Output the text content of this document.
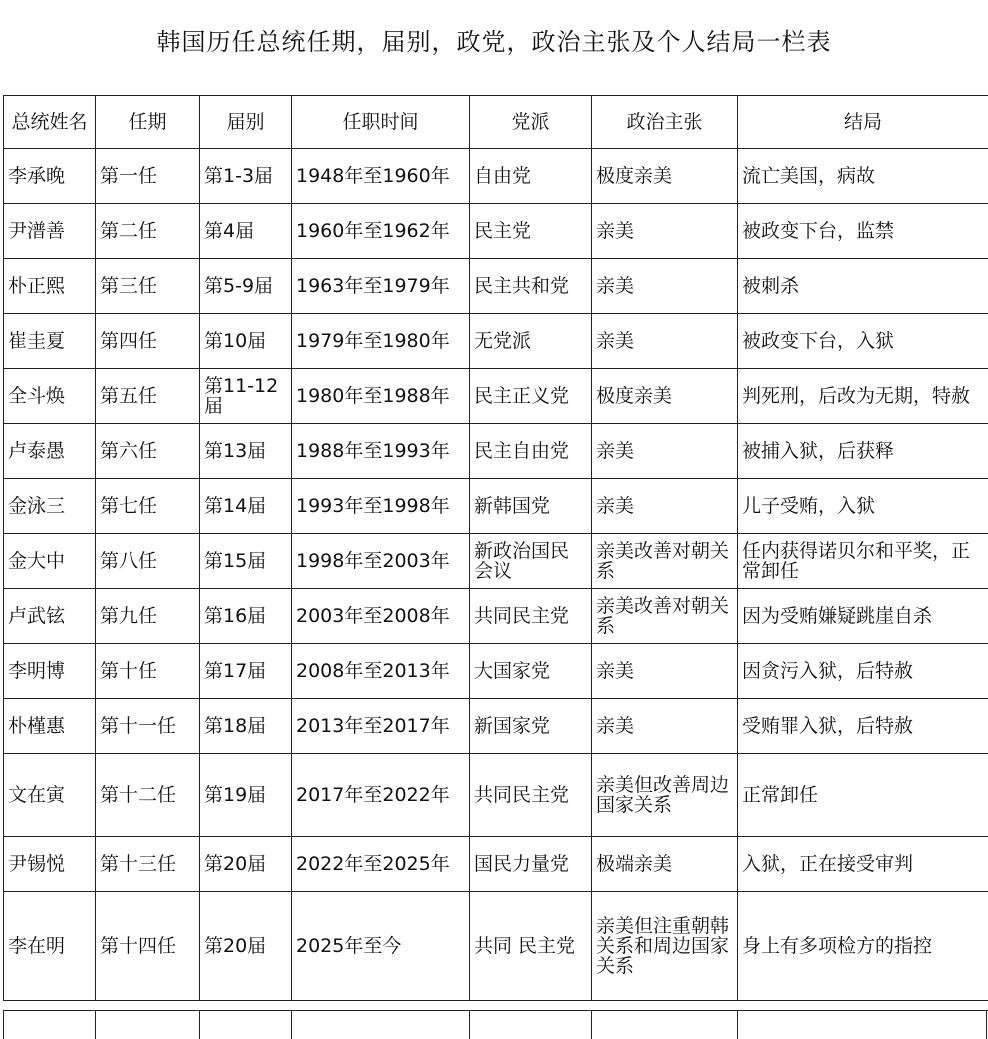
韩国历任总统任期，届别，政党，政治主张及个人结局一栏表
总统姓名	任期	届别	任职时间	党派	政治主张	结局
李承晚	第一任	第1-3届	1948年至1960年	自由党	极度亲美	流亡美国，病故
尹潽善	第二任	第4届	1960年至1962年	民主党	亲美	被政变下台，监禁
朴正熙	第三任	第5-9届	1963年至1979年	民主共和党	亲美	被刺杀
崔圭夏	第四任	第10届	1979年至1980年	无党派	亲美	被政变下台，入狱
全斗焕	第五任	第11-12届	1980年至1988年	民主正义党	极度亲美	判死刑，后改为无期，特赦
卢泰愚	第六任	第13届	1988年至1993年	民主自由党	亲美	被捕入狱，后获释
金泳三	第七任	第14届	1993年至1998年	新韩国党	亲美	儿子受贿，入狱
金大中	第八任	第15届	1998年至2003年	新政治国民会议	亲美改善对朝关系	任内获得诺贝尔和平奖，正常卸任
卢武铉	第九任	第16届	2003年至2008年	共同民主党	亲美改善对朝关系	因为受贿嫌疑跳崖自杀
李明博	第十任	第17届	2008年至2013年	大国家党	亲美	因贪污入狱，后特赦
朴槿惠	第十一任	第18届	2013年至2017年	新国家党	亲美	受贿罪入狱，后特赦
文在寅	第十二任	第19届	2017年至2022年	共同民主党	亲美但改善周边国家关系	正常卸任
尹锡悦	第十三任	第20届	2022年至2025年	国民力量党	极端亲美	入狱，正在接受审判
李在明	第十四任	第20届	2025年至今	共同 民主党	亲美但注重朝韩关系和周边国家关系	身上有多项检方的指控
